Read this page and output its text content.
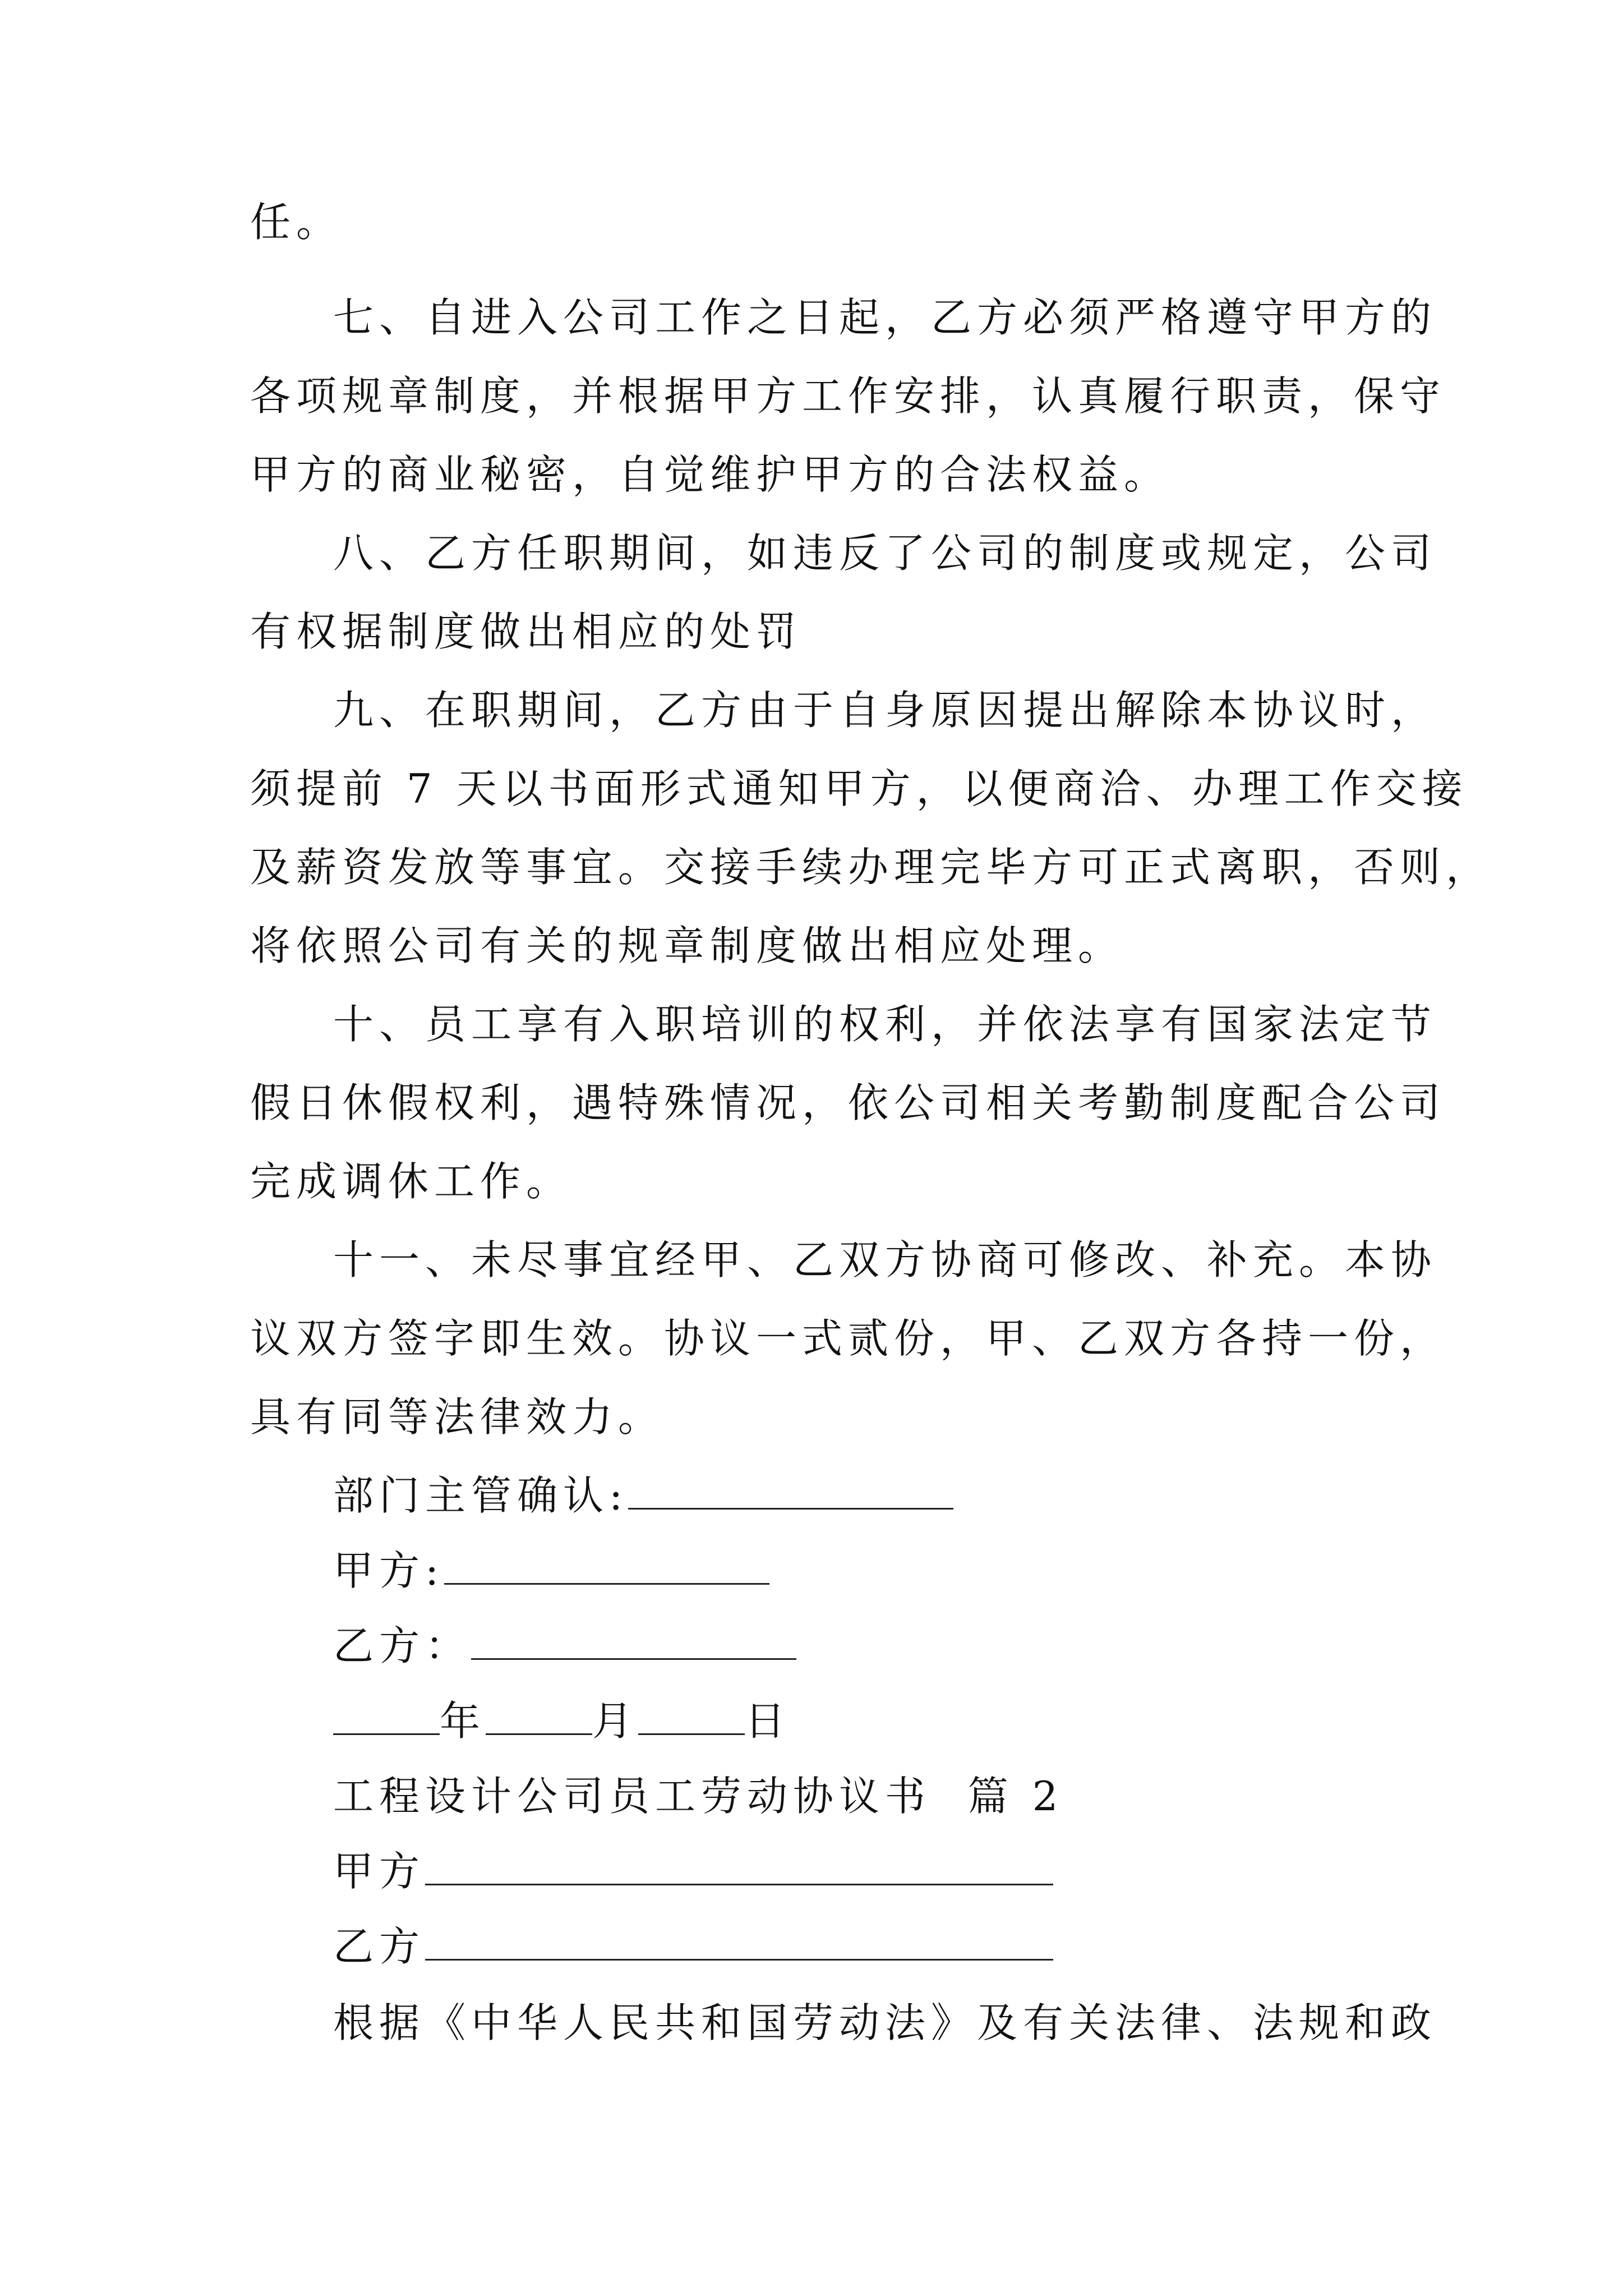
任。
七、自进入公司工作之日起，乙方必须严格遵守甲方的
各项规章制度，并根据甲方工作安排，认真履行职责，保守
甲方的商业秘密，自觉维护甲方的合法权益。
八、乙方任职期间，如违反了公司的制度或规定，公司
有权据制度做出相应的处罚
九、在职期间，乙方由于自身原因提出解除本协议时，
须提前 7 天以书面形式通知甲方，以便商洽、办理工作交接
及薪资发放等事宜。交接手续办理完毕方可正式离职，否则，
将依照公司有关的规章制度做出相应处理。
十、员工享有入职培训的权利，并依法享有国家法定节
假日休假权利，遇特殊情况，依公司相关考勤制度配合公司
完成调休工作。
十一、未尽事宜经甲、乙双方协商可修改、补充。本协
议双方签字即生效。协议一式贰份，甲、乙双方各持一份，
具有同等法律效力。
部门主管确认:
甲方:
乙方：
年	月	日
工程设计公司员工劳动协议书  篇 2
甲方
乙方
根据《中华人民共和国劳动法》及有关法律、法规和政
